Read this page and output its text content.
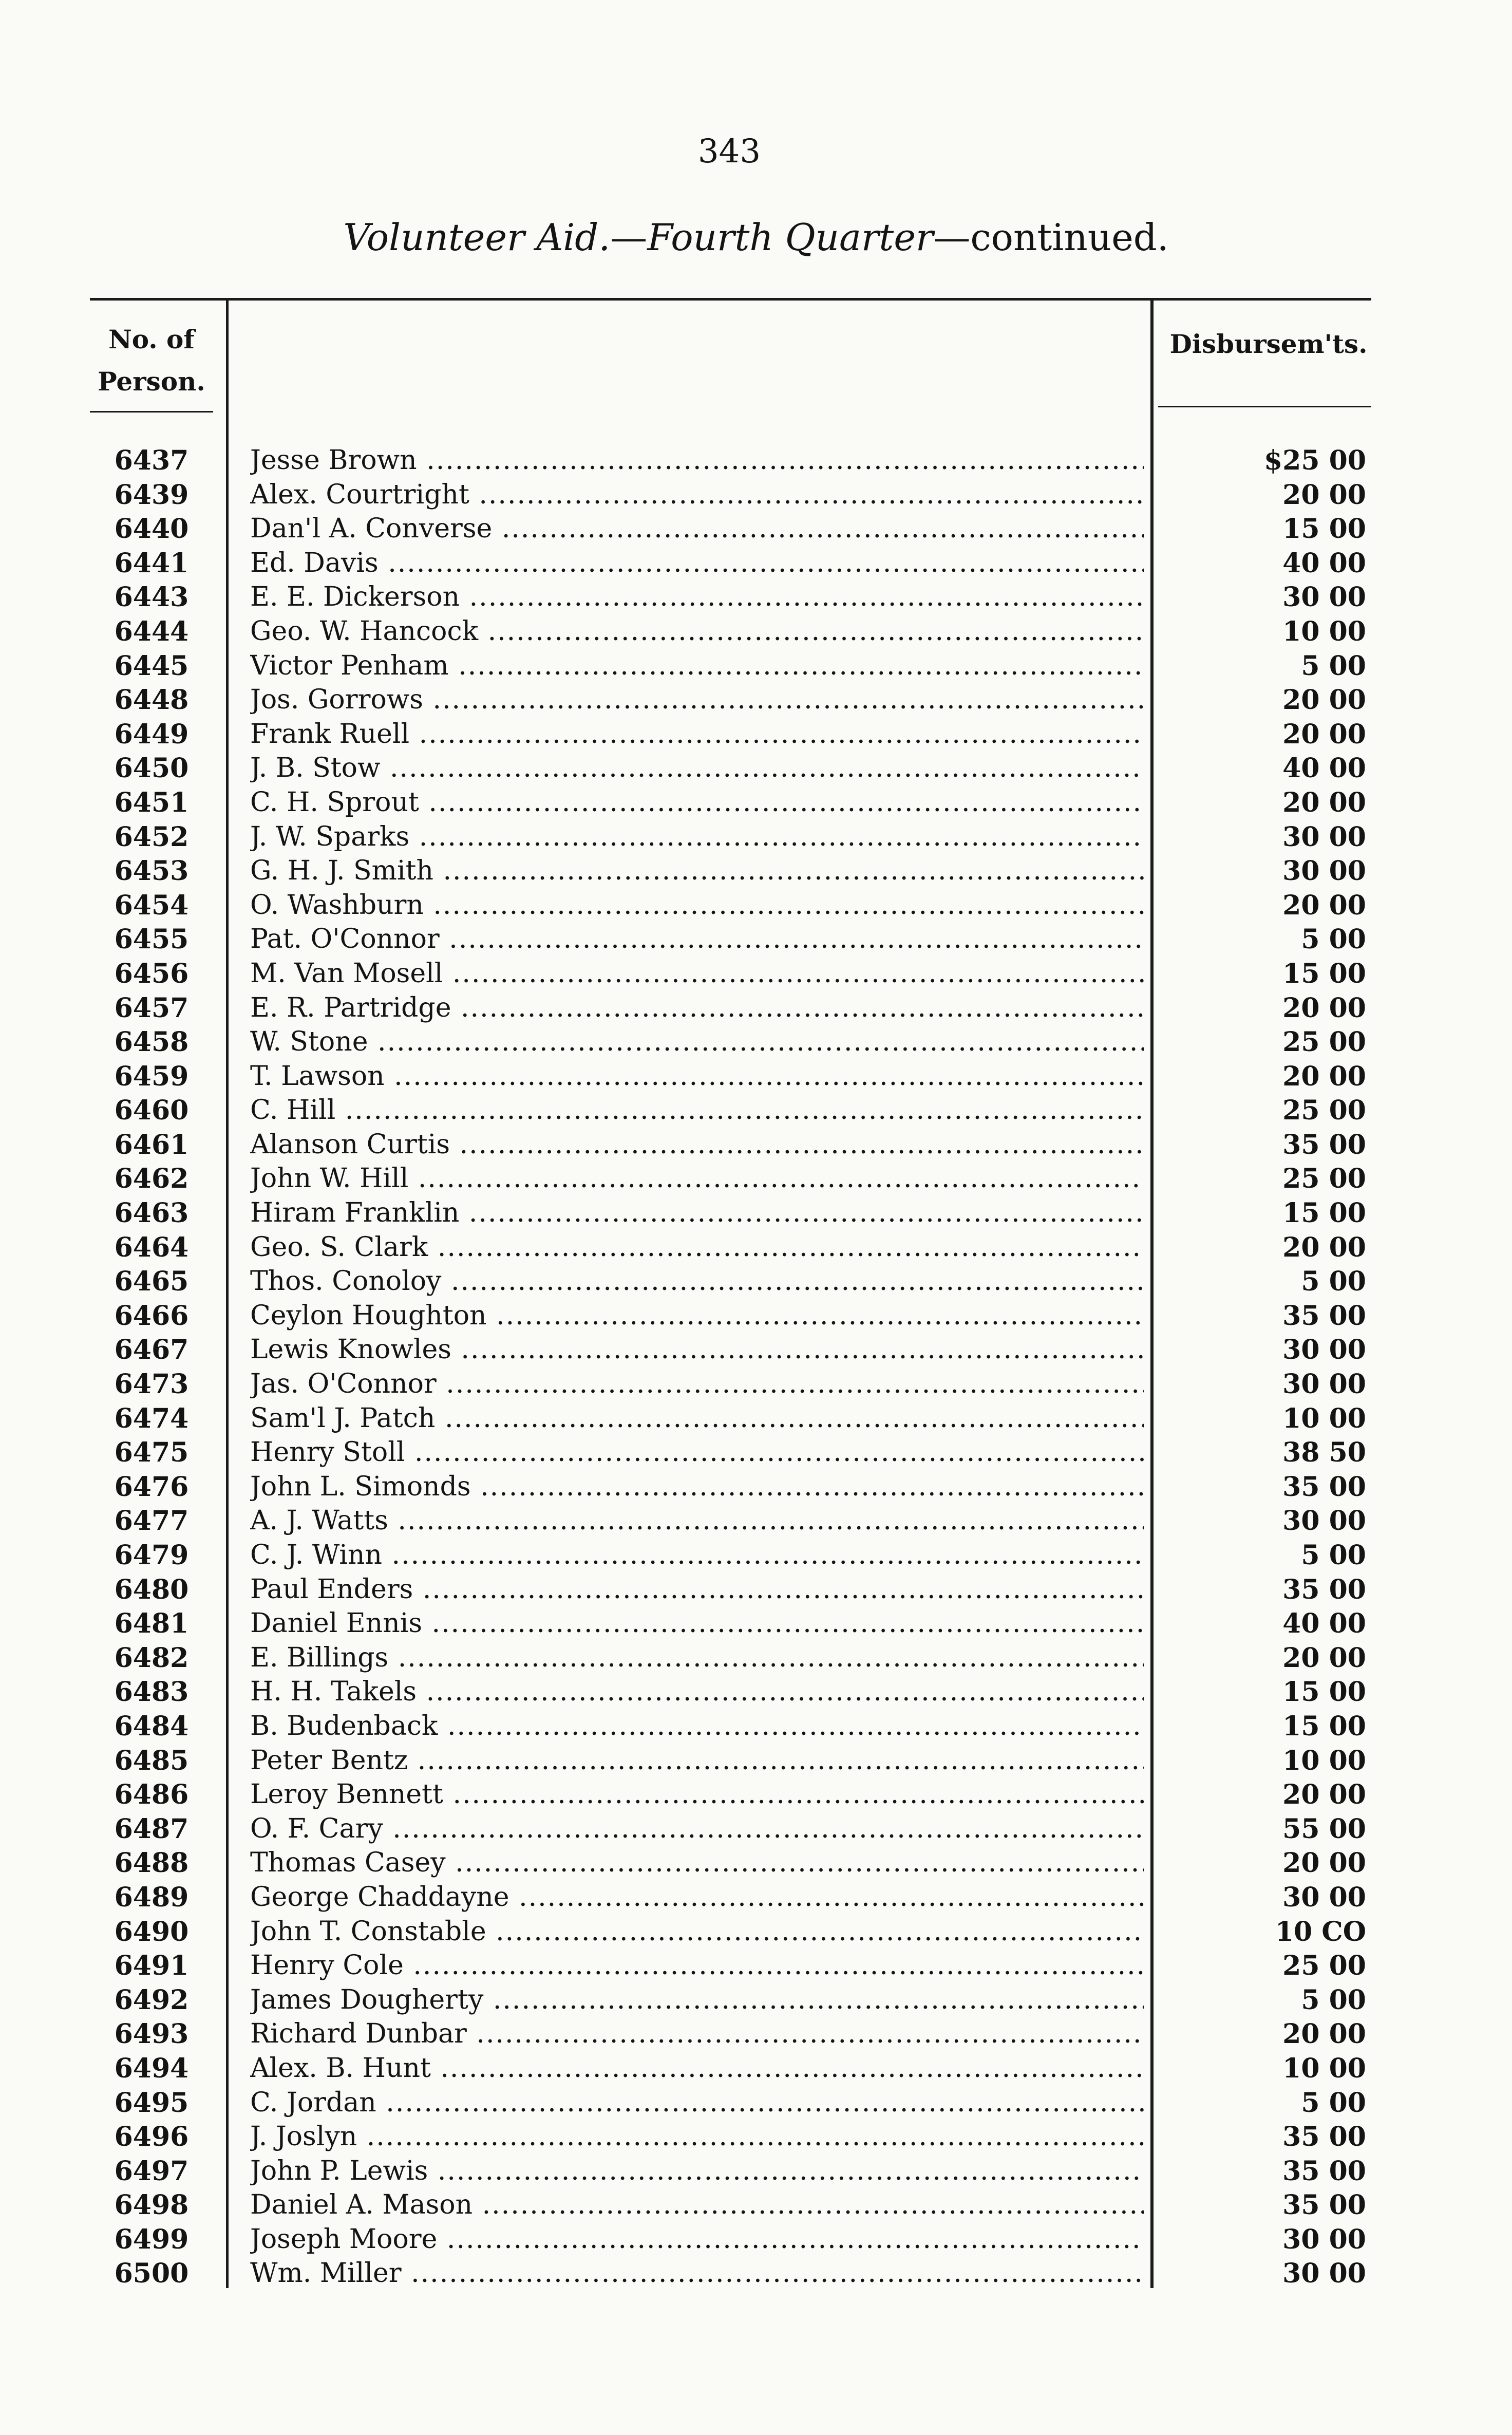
343
Volunteer Aid.—Fourth Quarter—continued.
No. of
Person.
Disbursem'ts.
6437	Jesse Brown .....	$25 00
6439	Alex. Courtright .....	20 00
6440	Dan'l A. Converse .....	15 00
6441	Ed. Davis .....	40 00
6443	E. E. Dickerson .....	30 00
6444	Geo. W. Hancock .....	10 00
6445	Victor Penham .....	5 00
6448	Jos. Gorrows .....	20 00
6449	Frank Ruell .....	20 00
6450	J. B. Stow .....	40 00
6451	C. H. Sprout .....	20 00
6452	J. W. Sparks .....	30 00
6453	G. H. J. Smith .....	30 00
6454	O. Washburn .....	20 00
6455	Pat. O'Connor .....	5 00
6456	M. Van Mosell .....	15 00
6457	E. R. Partridge .....	20 00
6458	W. Stone .....	25 00
6459	T. Lawson .....	20 00
6460	C. Hill .....	25 00
6461	Alanson Curtis .....	35 00
6462	John W. Hill .....	25 00
6463	Hiram Franklin .....	15 00
6464	Geo. S. Clark .....	20 00
6465	Thos. Conoloy .....	5 00
6466	Ceylon Houghton .....	35 00
6467	Lewis Knowles .....	30 00
6473	Jas. O'Connor .....	30 00
6474	Sam'l J. Patch .....	10 00
6475	Henry Stoll .....	38 50
6476	John L. Simonds .....	35 00
6477	A. J. Watts .....	30 00
6479	C. J. Winn .....	5 00
6480	Paul Enders .....	35 00
6481	Daniel Ennis .....	40 00
6482	E. Billings .....	20 00
6483	H. H. Takels .....	15 00
6484	B. Budenback .....	15 00
6485	Peter Bentz .....	10 00
6486	Leroy Bennett .....	20 00
6487	O. F. Cary .....	55 00
6488	Thomas Casey .....	20 00
6489	George Chaddayne .....	30 00
6490	John T. Constable .....	10 CO
6491	Henry Cole .....	25 00
6492	James Dougherty .....	5 00
6493	Richard Dunbar .....	20 00
6494	Alex. B. Hunt .....	10 00
6495	C. Jordan .....	5 00
6496	J. Joslyn .....	35 00
6497	John P. Lewis .....	35 00
6498	Daniel A. Mason .....	35 00
6499	Joseph Moore .....	30 00
6500	Wm. Miller .....	30 00
